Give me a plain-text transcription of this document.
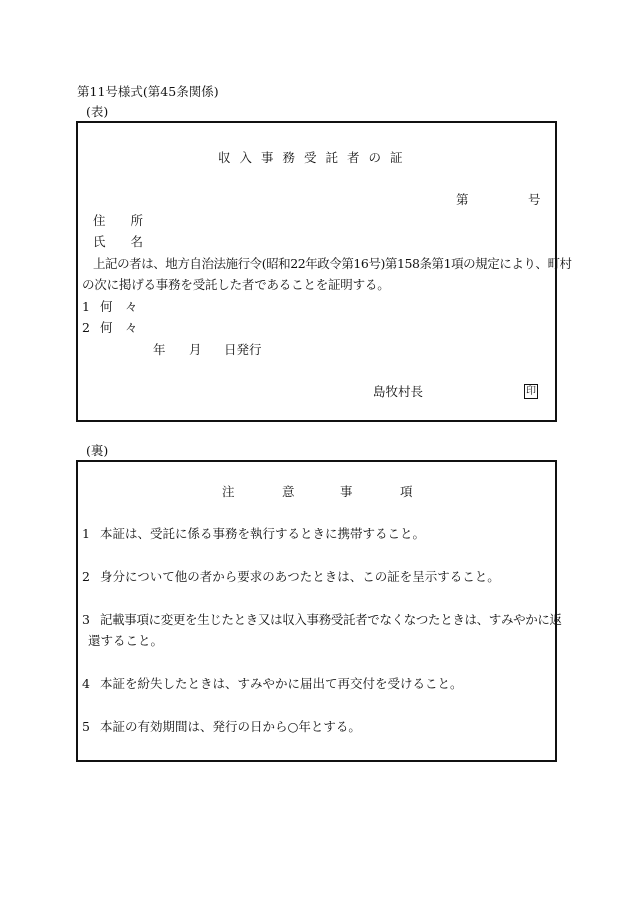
第11号様式(第45条関係)
(表)
収入事務受託者の証
第	号
住　　所
氏　　名
上記の者は、地方自治法施行令(昭和22年政令第16号)第158条第1項の規定により、町村
の次に掲げる事務を受託した者であることを証明する。
1 何　々
2 何　々
年 月 日発行
島牧村長	印
(裏)
注	意	事	項
1 本証は、受託に係る事務を執行するときに携帯すること。
2 身分について他の者から要求のあつたときは、この証を呈示すること。
3 記載事項に変更を生じたとき又は収入事務受託者でなくなつたときは、すみやかに返
還すること。
4 本証を紛失したときは、すみやかに届出て再交付を受けること。
5 本証の有効期間は、発行の日から○年とする。
